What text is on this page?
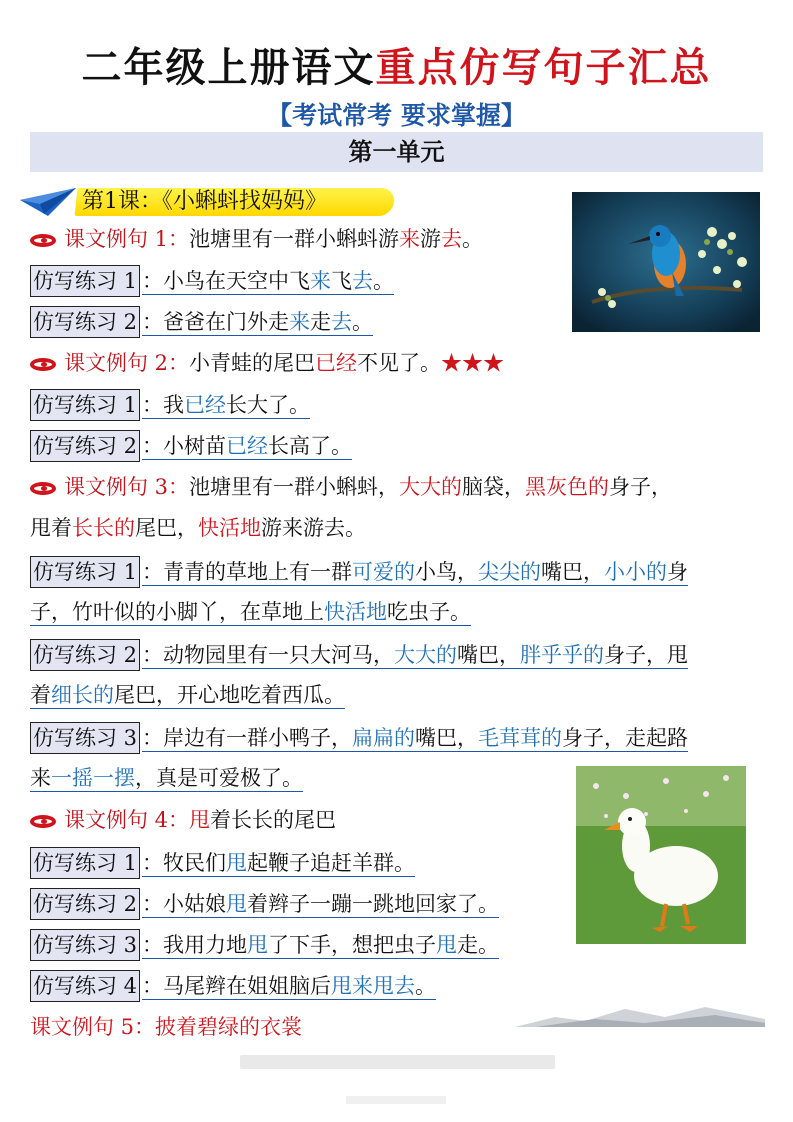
二年级上册语文重点仿写句子汇总
【考试常考 要求掌握】
第一单元
第1课：《小蝌蚪找妈妈》
课文例句 1：池塘里有一群小蝌蚪游来游去。
仿写练习 1 ：小鸟在天空中飞来飞去。
仿写练习 2 ：爸爸在门外走来走去。
课文例句 2：小青蛙的尾巴已经不见了。★★★
仿写练习 1 ：我已经长大了。
仿写练习 2 ：小树苗已经长高了。
课文例句 3：池塘里有一群小蝌蚪，大大的脑袋，黑灰色的身子，
甩着长长的尾巴，快活地游来游去。
仿写练习 1 ：青青的草地上有一群可爱的小鸟，尖尖的嘴巴，小小的身
子，竹叶似的小脚丫，在草地上快活地吃虫子。
仿写练习 2 ：动物园里有一只大河马，大大的嘴巴，胖乎乎的身子，甩
着细长的尾巴，开心地吃着西瓜。
仿写练习 3 ：岸边有一群小鸭子，扁扁的嘴巴，毛茸茸的身子，走起路
来一摇一摆，真是可爱极了。
课文例句 4：甩着长长的尾巴
仿写练习 1 ：牧民们甩起鞭子追赶羊群。
仿写练习 2 ：小姑娘甩着辫子一蹦一跳地回家了。
仿写练习 3 ：我用力地甩了下手，想把虫子甩走。
仿写练习 4 ：马尾辫在姐姐脑后甩来甩去。
课文例句 5：披着碧绿的衣裳
